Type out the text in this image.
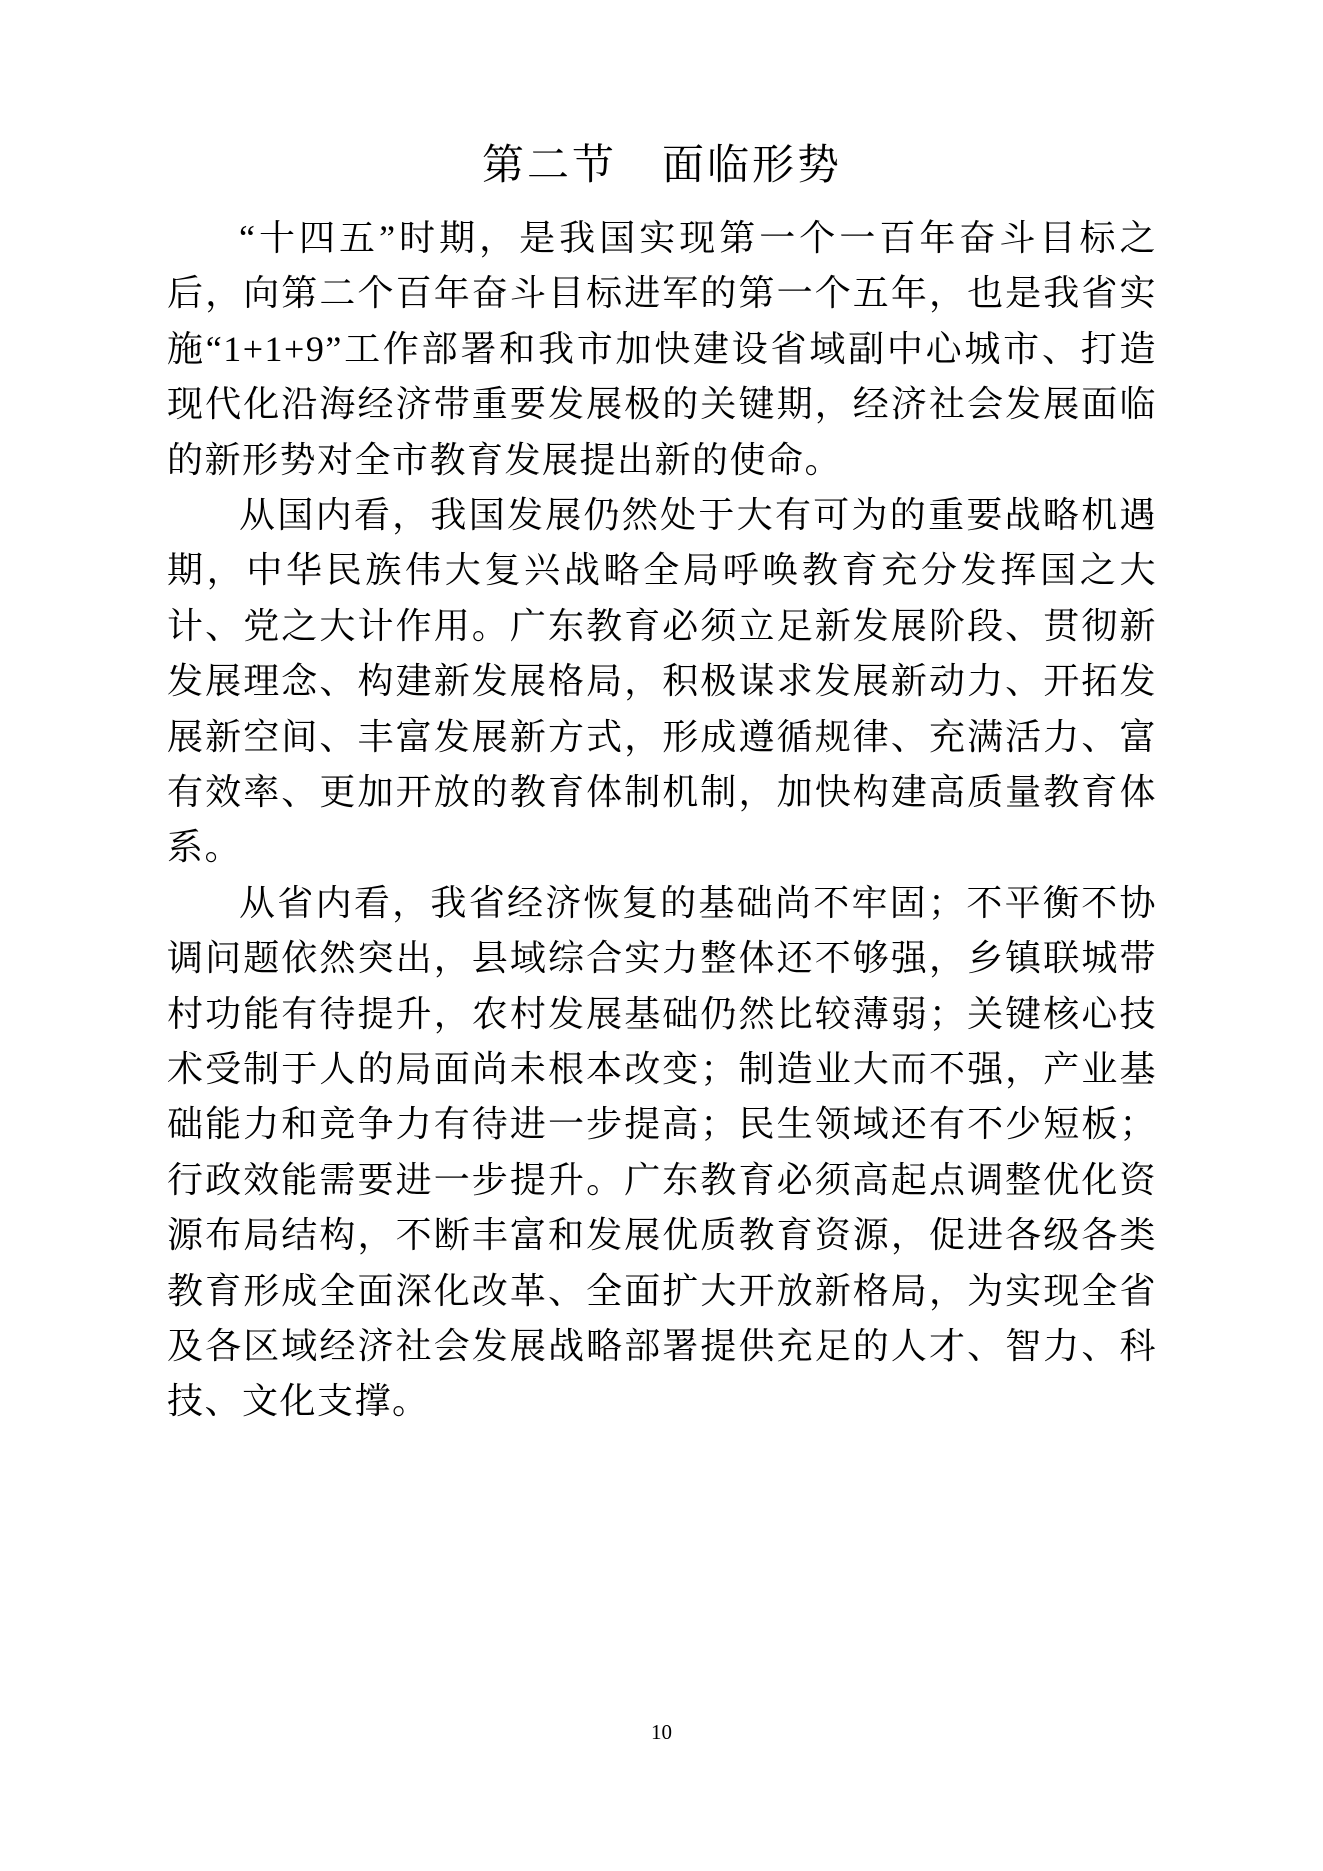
第二节　面临形势

“十四五”时期，是我国实现第一个一百年奋斗目标之后，向第二个百年奋斗目标进军的第一个五年，也是我省实施“1+1+9”工作部署和我市加快建设省域副中心城市、打造现代化沿海经济带重要发展极的关键期，经济社会发展面临的新形势对全市教育发展提出新的使命。

从国内看，我国发展仍然处于大有可为的重要战略机遇期，中华民族伟大复兴战略全局呼唤教育充分发挥国之大计、党之大计作用。广东教育必须立足新发展阶段、贯彻新发展理念、构建新发展格局，积极谋求发展新动力、开拓发展新空间、丰富发展新方式，形成遵循规律、充满活力、富有效率、更加开放的教育体制机制，加快构建高质量教育体系。

从省内看，我省经济恢复的基础尚不牢固；不平衡不协调问题依然突出，县域综合实力整体还不够强，乡镇联城带村功能有待提升，农村发展基础仍然比较薄弱；关键核心技术受制于人的局面尚未根本改变；制造业大而不强，产业基础能力和竞争力有待进一步提高；民生领域还有不少短板；行政效能需要进一步提升。广东教育必须高起点调整优化资源布局结构，不断丰富和发展优质教育资源，促进各级各类教育形成全面深化改革、全面扩大开放新格局，为实现全省及各区域经济社会发展战略部署提供充足的人才、智力、科技、文化支撑。

10
